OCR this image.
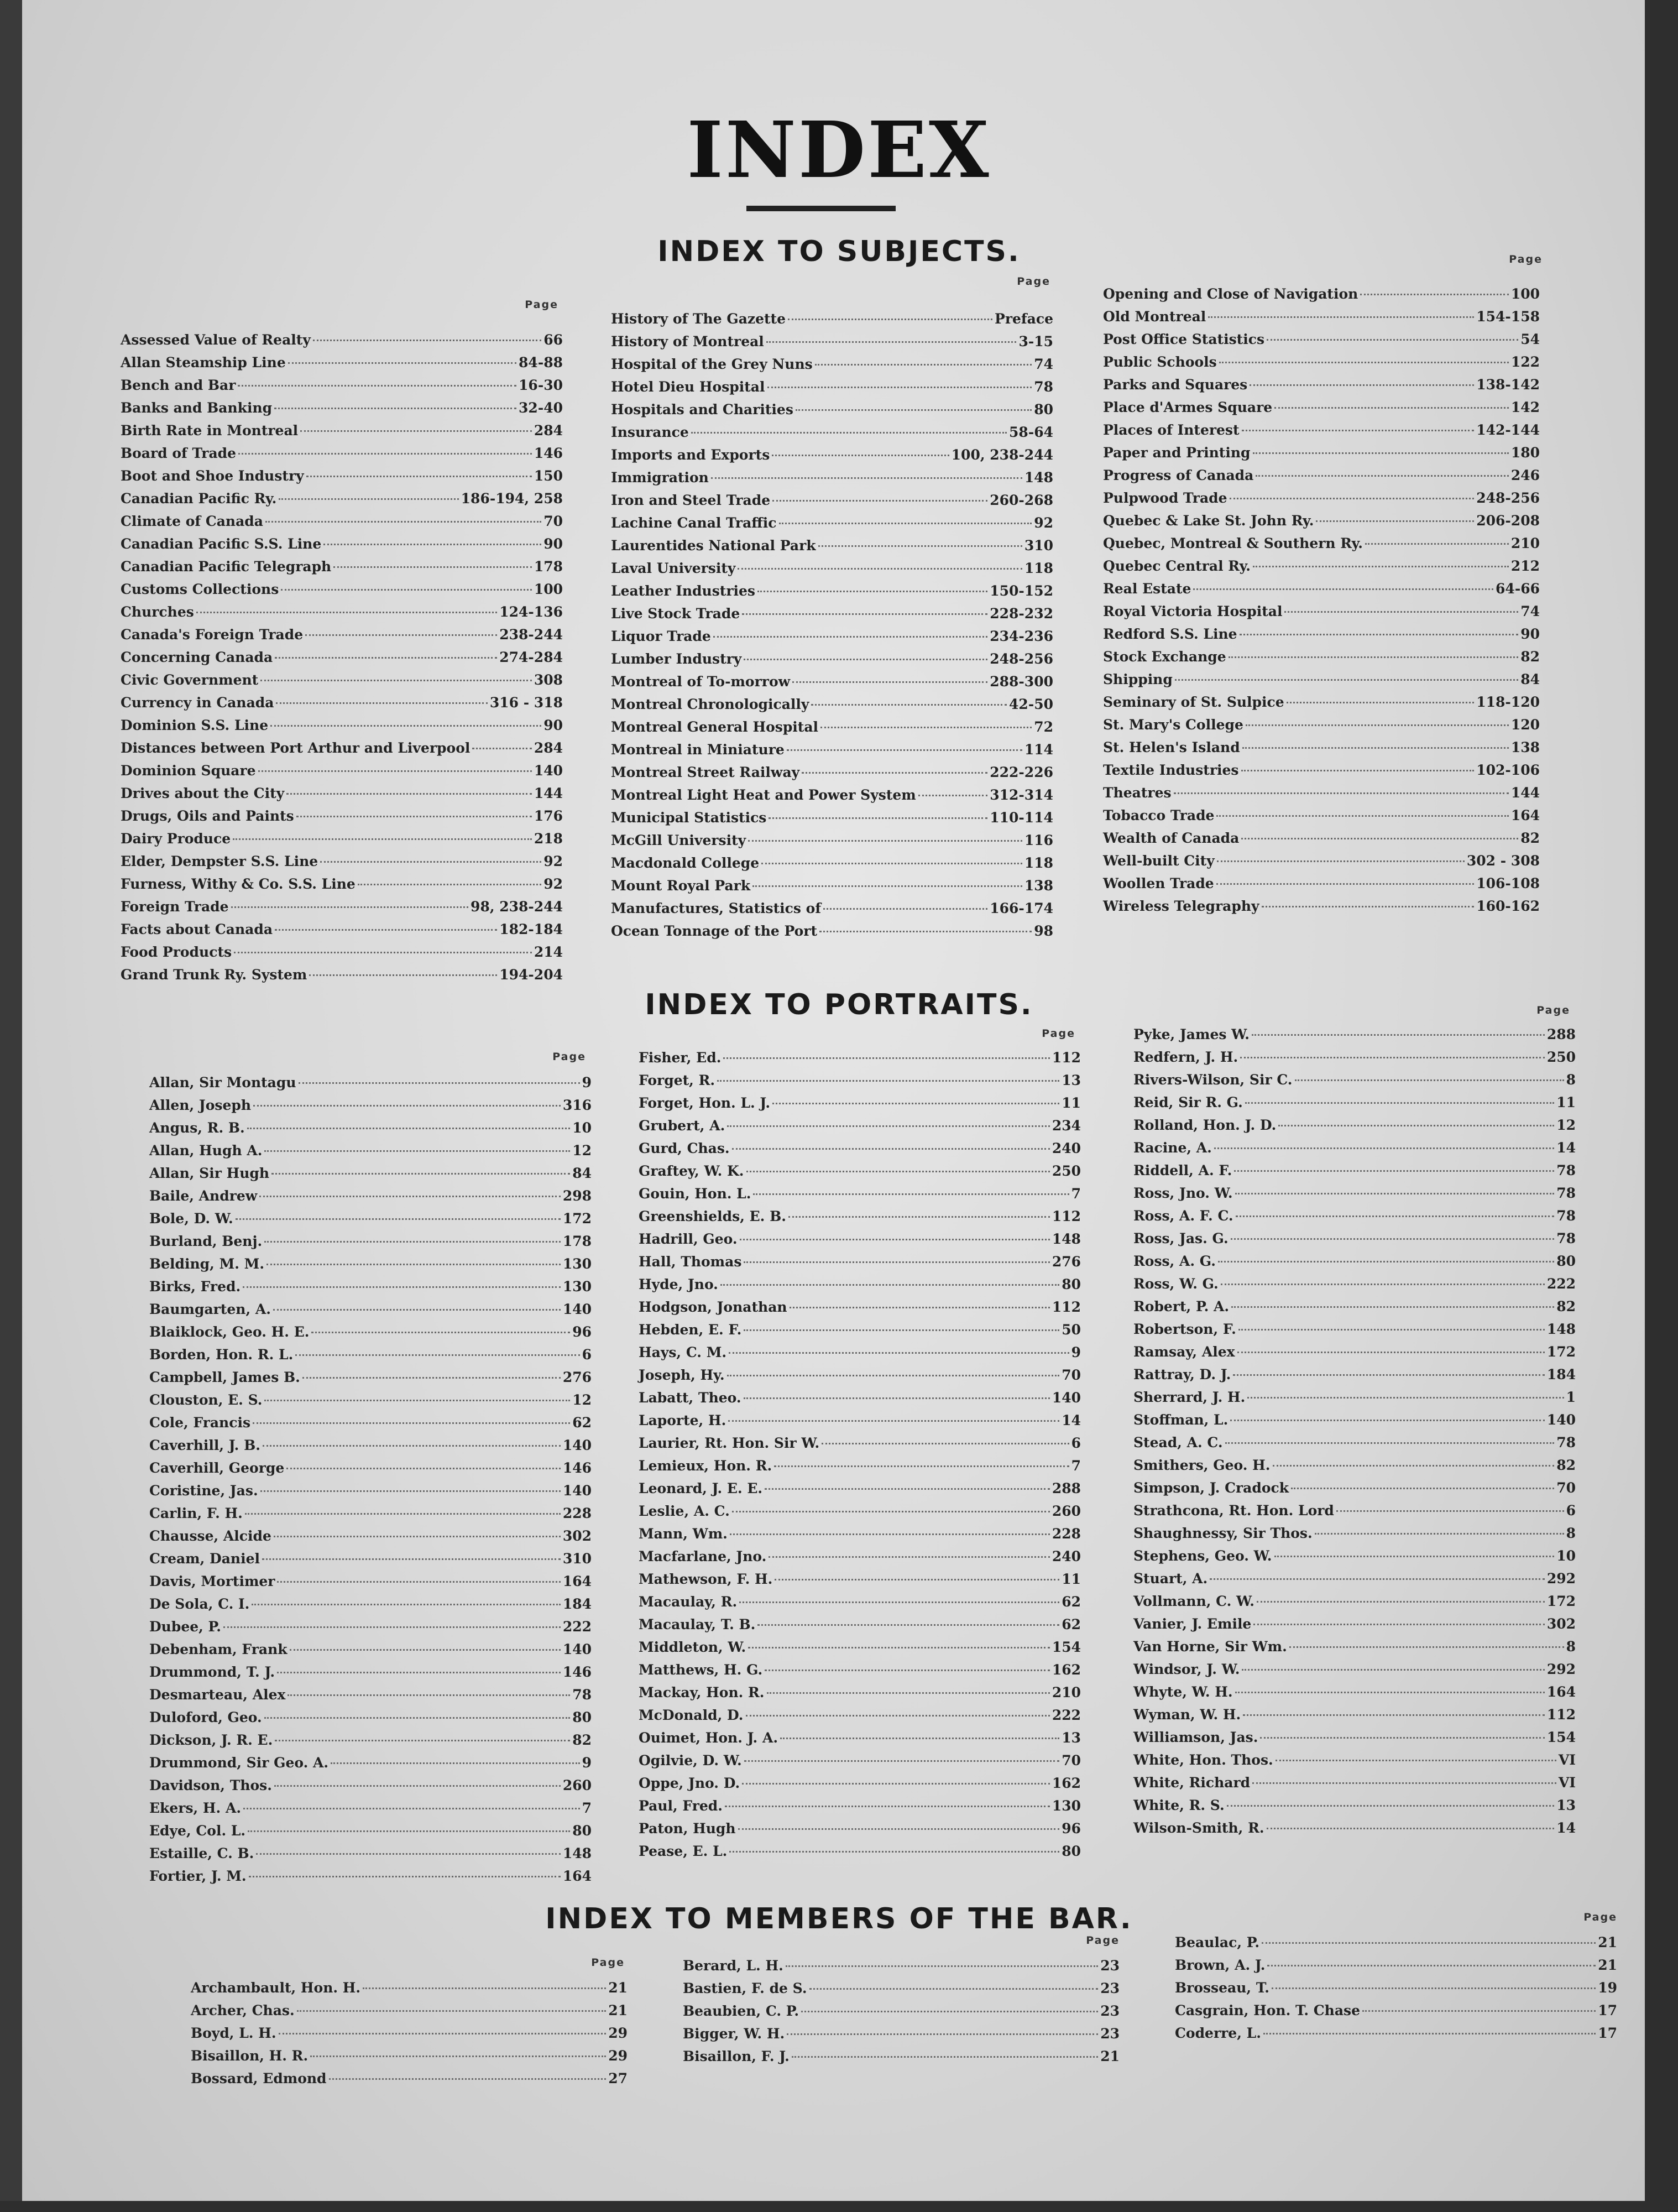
INDEX
INDEX TO SUBJECTS.
Page
Page
Page
Assessed Value of Realty	66
Allan Steamship Line	84-88
Bench and Bar	16-30
Banks and Banking	32-40
Birth Rate in Montreal	284
Board of Trade	146
Boot and Shoe Industry	150
Canadian Pacific Ry.	186-194, 258
Climate of Canada	70
Canadian Pacific S.S. Line	90
Canadian Pacific Telegraph	178
Customs Collections	100
Churches	124-136
Canada's Foreign Trade	238-244
Concerning Canada	274-284
Civic Government	308
Currency in Canada	316 - 318
Dominion S.S. Line	90
Distances between Port Arthur and Liverpool	284
Dominion Square	140
Drives about the City	144
Drugs, Oils and Paints	176
Dairy Produce	218
Elder, Dempster S.S. Line	92
Furness, Withy & Co. S.S. Line	92
Foreign Trade	98, 238-244
Facts about Canada	182-184
Food Products	214
Grand Trunk Ry. System	194-204
History of The Gazette	Preface
History of Montreal	3-15
Hospital of the Grey Nuns	74
Hotel Dieu Hospital	78
Hospitals and Charities	80
Insurance	58-64
Imports and Exports	100, 238-244
Immigration	148
Iron and Steel Trade	260-268
Lachine Canal Traffic	92
Laurentides National Park	310
Laval University	118
Leather Industries	150-152
Live Stock Trade	228-232
Liquor Trade	234-236
Lumber Industry	248-256
Montreal of To-morrow	288-300
Montreal Chronologically	42-50
Montreal General Hospital	72
Montreal in Miniature	114
Montreal Street Railway	222-226
Montreal Light Heat and Power System	312-314
Municipal Statistics	110-114
McGill University	116
Macdonald College	118
Mount Royal Park	138
Manufactures, Statistics of	166-174
Ocean Tonnage of the Port	98
Opening and Close of Navigation	100
Old Montreal	154-158
Post Office Statistics	54
Public Schools	122
Parks and Squares	138-142
Place d'Armes Square	142
Places of Interest	142-144
Paper and Printing	180
Progress of Canada	246
Pulpwood Trade	248-256
Quebec & Lake St. John Ry.	206-208
Quebec, Montreal & Southern Ry.	210
Quebec Central Ry.	212
Real Estate	64-66
Royal Victoria Hospital	74
Redford S.S. Line	90
Stock Exchange	82
Shipping	84
Seminary of St. Sulpice	118-120
St. Mary's College	120
St. Helen's Island	138
Textile Industries	102-106
Theatres	144
Tobacco Trade	164
Wealth of Canada	82
Well-built City	302 - 308
Woollen Trade	106-108
Wireless Telegraphy	160-162
INDEX TO PORTRAITS.
Page
Page
Page
Allan, Sir Montagu	9
Allen, Joseph	316
Angus, R. B.	10
Allan, Hugh A.	12
Allan, Sir Hugh	84
Baile, Andrew	298
Bole, D. W.	172
Burland, Benj.	178
Belding, M. M.	130
Birks, Fred.	130
Baumgarten, A.	140
Blaiklock, Geo. H. E.	96
Borden, Hon. R. L.	6
Campbell, James B.	276
Clouston, E. S.	12
Cole, Francis	62
Caverhill, J. B.	140
Caverhill, George	146
Coristine, Jas.	140
Carlin, F. H.	228
Chausse, Alcide	302
Cream, Daniel	310
Davis, Mortimer	164
De Sola, C. I.	184
Dubee, P.	222
Debenham, Frank	140
Drummond, T. J.	146
Desmarteau, Alex	78
Duloford, Geo.	80
Dickson, J. R. E.	82
Drummond, Sir Geo. A.	9
Davidson, Thos.	260
Ekers, H. A.	7
Edye, Col. L.	80
Estaille, C. B.	148
Fortier, J. M.	164
Fisher, Ed.	112
Forget, R.	13
Forget, Hon. L. J.	11
Grubert, A.	234
Gurd, Chas.	240
Graftey, W. K.	250
Gouin, Hon. L.	7
Greenshields, E. B.	112
Hadrill, Geo.	148
Hall, Thomas	276
Hyde, Jno.	80
Hodgson, Jonathan	112
Hebden, E. F.	50
Hays, C. M.	9
Joseph, Hy.	70
Labatt, Theo.	140
Laporte, H.	14
Laurier, Rt. Hon. Sir W.	6
Lemieux, Hon. R.	7
Leonard, J. E. E.	288
Leslie, A. C.	260
Mann, Wm.	228
Macfarlane, Jno.	240
Mathewson, F. H.	11
Macaulay, R.	62
Macaulay, T. B.	62
Middleton, W.	154
Matthews, H. G.	162
Mackay, Hon. R.	210
McDonald, D.	222
Ouimet, Hon. J. A.	13
Ogilvie, D. W.	70
Oppe, Jno. D.	162
Paul, Fred.	130
Paton, Hugh	96
Pease, E. L.	80
Pyke, James W.	288
Redfern, J. H.	250
Rivers-Wilson, Sir C.	8
Reid, Sir R. G.	11
Rolland, Hon. J. D.	12
Racine, A.	14
Riddell, A. F.	78
Ross, Jno. W.	78
Ross, A. F. C.	78
Ross, Jas. G.	78
Ross, A. G.	80
Ross, W. G.	222
Robert, P. A.	82
Robertson, F.	148
Ramsay, Alex	172
Rattray, D. J.	184
Sherrard, J. H.	1
Stoffman, L.	140
Stead, A. C.	78
Smithers, Geo. H.	82
Simpson, J. Cradock	70
Strathcona, Rt. Hon. Lord	6
Shaughnessy, Sir Thos.	8
Stephens, Geo. W.	10
Stuart, A.	292
Vollmann, C. W.	172
Vanier, J. Emile	302
Van Horne, Sir Wm.	8
Windsor, J. W.	292
Whyte, W. H.	164
Wyman, W. H.	112
Williamson, Jas.	154
White, Hon. Thos.	VI
White, Richard	VI
White, R. S.	13
Wilson-Smith, R.	14
INDEX TO MEMBERS OF THE BAR.
Page
Page
Page
Archambault, Hon. H.	21
Archer, Chas.	21
Boyd, L. H.	29
Bisaillon, H. R.	29
Bossard, Edmond	27
Berard, L. H.	23
Bastien, F. de S.	23
Beaubien, C. P.	23
Bigger, W. H.	23
Bisaillon, F. J.	21
Beaulac, P.	21
Brown, A. J.	21
Brosseau, T.	19
Casgrain, Hon. T. Chase	17
Coderre, L.	17
